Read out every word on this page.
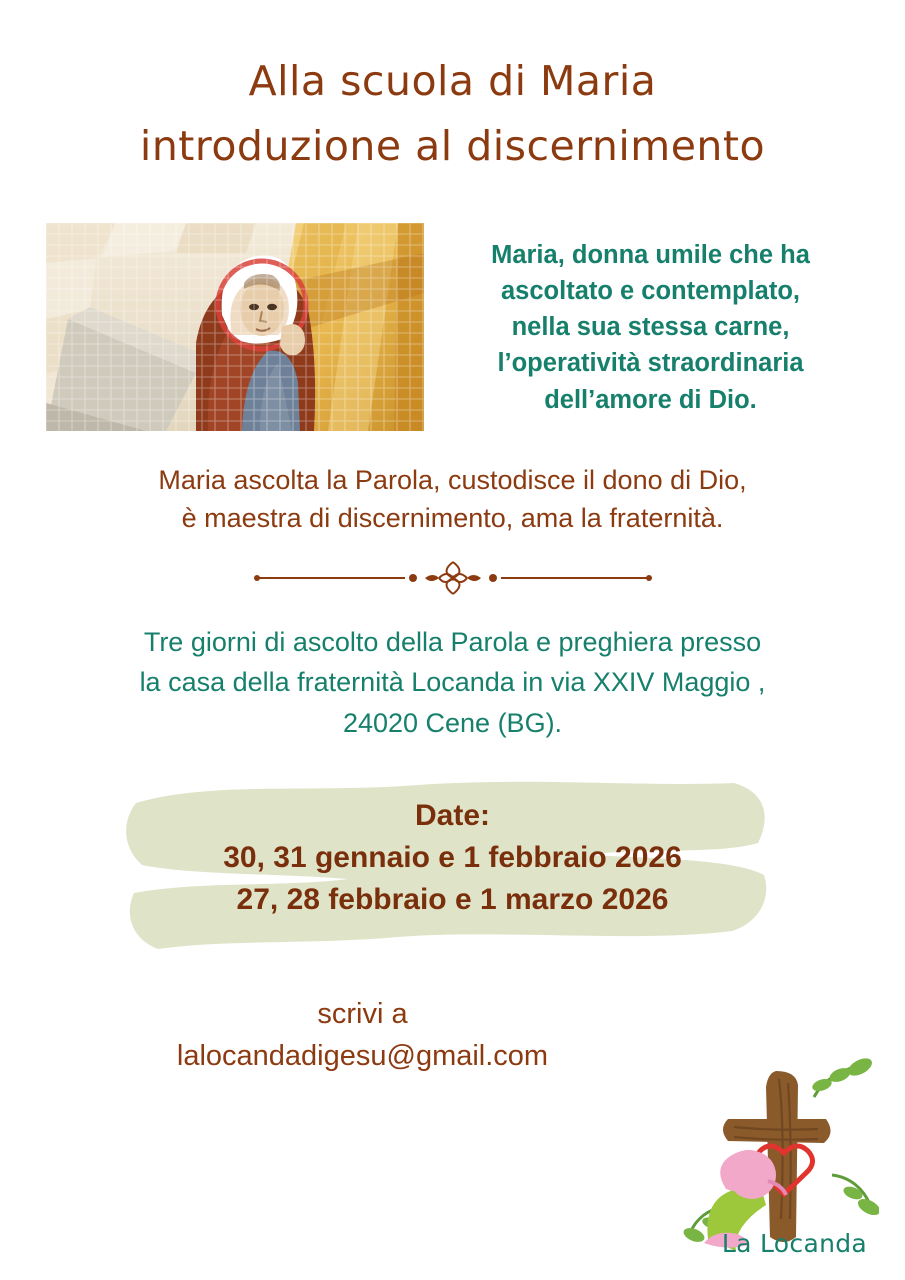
Alla scuola di Maria
introduzione al discernimento
Maria, donna umile che ha
ascoltato e contemplato,
nella sua stessa carne,
l’operatività straordinaria
dell’amore di Dio.
Maria ascolta la Parola, custodisce il dono di Dio,
è maestra di discernimento, ama la fraternità.
Tre giorni di ascolto della Parola e preghiera presso
la casa della fraternità Locanda in via XXIV Maggio ,
24020 Cene (BG).
Date:
30, 31 gennaio e 1 febbraio 2026
27, 28 febbraio e 1 marzo 2026
scrivi a
lalocandadigesu@gmail.com
La Locanda
